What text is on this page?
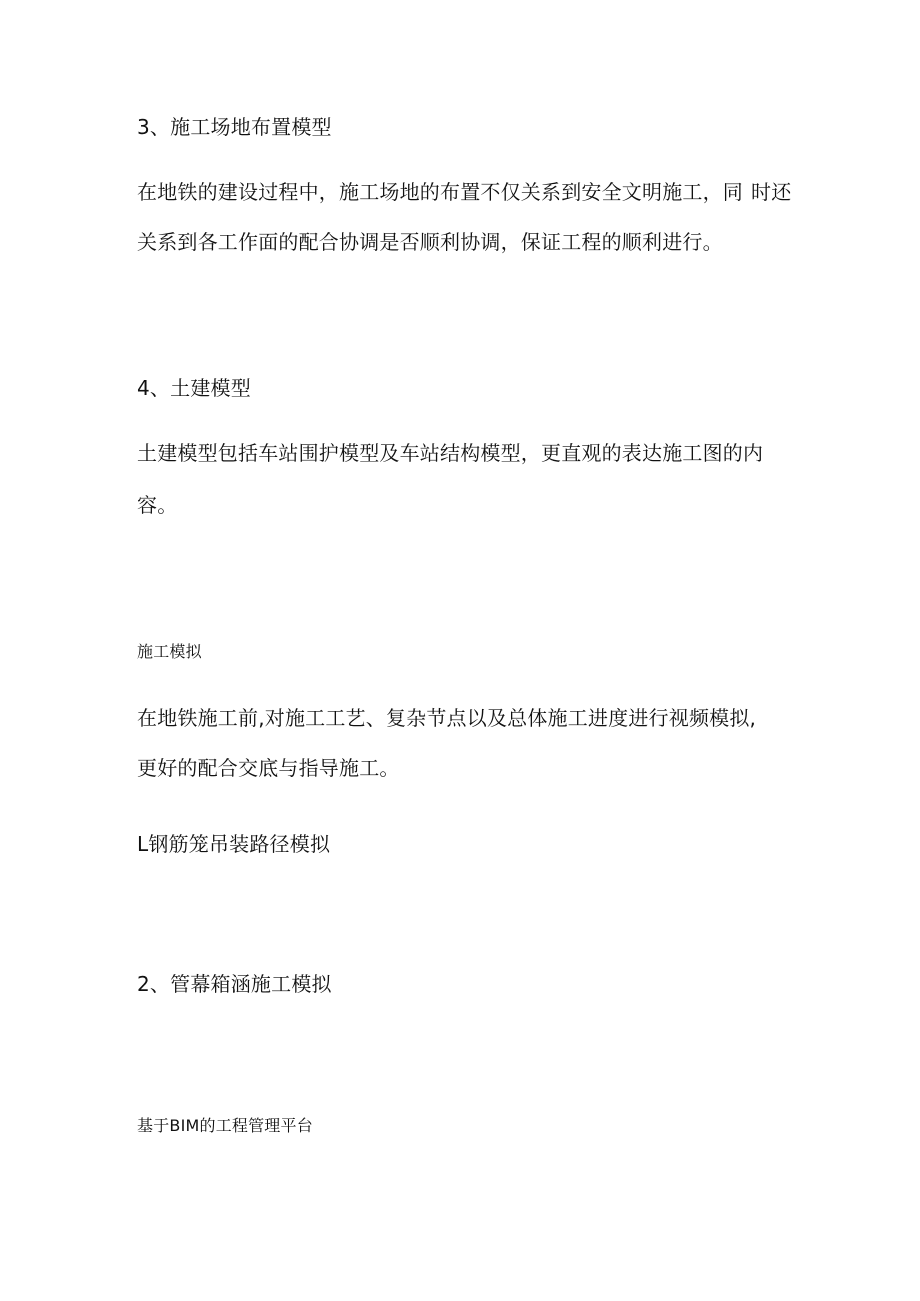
3、施工场地布置模型
在地铁的建设过程中，施工场地的布置不仅关系到安全文明施工，同 时还
关系到各工作面的配合协调是否顺利协调，保证工程的顺利进行。
4、土建模型
土建模型包括车站围护模型及车站结构模型，更直观的表达施工图的内
容。
施工模拟
在地铁施工前,对施工工艺、复杂节点以及总体施工进度进行视频模拟,
更好的配合交底与指导施工。
L钢筋笼吊装路径模拟
2、管幕箱涵施工模拟
基于BIM的工程管理平台
